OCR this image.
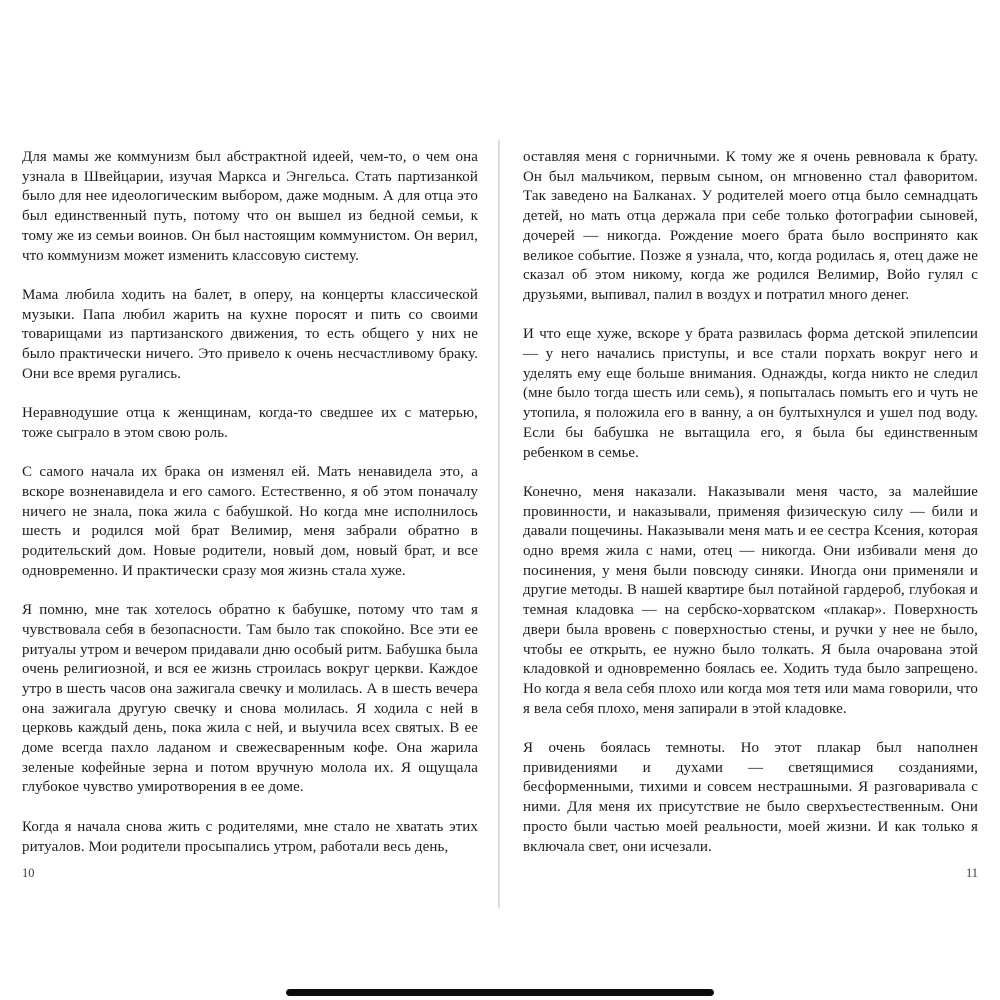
Для мамы же коммунизм был абстрактной идеей, чем-то, о чем она узнала в Швейцарии, изучая Маркса и Энгельса. Стать партизанкой было для нее идеологическим выбором, даже модным. А для отца это был единственный путь, потому что он вышел из бедной семьи, к тому же из семьи воинов. Он был настоящим коммунистом. Он верил, что коммунизм может изменить классовую систему.

Мама любила ходить на балет, в оперу, на концерты классической музыки. Папа любил жарить на кухне поросят и пить со своими товарищами из партизанского движения, то есть общего у них не было практически ничего. Это привело к очень несчастливому браку. Они все время ругались.

Неравнодушие отца к женщинам, когда-то сведшее их с матерью, тоже сыграло в этом свою роль.

С самого начала их брака он изменял ей. Мать ненавидела это, а вскоре возненавидела и его самого. Естественно, я об этом поначалу ничего не знала, пока жила с бабушкой. Но когда мне исполнилось шесть и родился мой брат Велимир, меня забрали обратно в родительский дом. Новые родители, новый дом, новый брат, и все одновременно. И практически сразу моя жизнь стала хуже.

Я помню, мне так хотелось обратно к бабушке, потому что там я чувствовала себя в безопасности. Там было так спокойно. Все эти ее ритуалы утром и вечером придавали дню особый ритм. Бабушка была очень религиозной, и вся ее жизнь строилась вокруг церкви. Каждое утро в шесть часов она зажигала свечку и молилась. А в шесть вечера она зажигала другую свечку и снова молилась. Я ходила с ней в церковь каждый день, пока жила с ней, и выучила всех святых. В ее доме всегда пахло ладаном и свежесваренным кофе. Она жарила зеленые кофейные зерна и потом вручную молола их. Я ощущала глубокое чувство умиротворения в ее доме.

Когда я начала снова жить с родителями, мне стало не хватать этих ритуалов. Мои родители просыпались утром, работали весь день,

10

оставляя меня с горничными. К тому же я очень ревновала к брату. Он был мальчиком, первым сыном, он мгновенно стал фаворитом. Так заведено на Балканах. У родителей моего отца было семнадцать детей, но мать отца держала при себе только фотографии сыновей, дочерей — никогда. Рождение моего брата было воспринято как великое событие. Позже я узнала, что, когда родилась я, отец даже не сказал об этом никому, когда же родился Велимир, Войо гулял с друзьями, выпивал, палил в воздух и потратил много денег.

И что еще хуже, вскоре у брата развилась форма детской эпилепсии — у него начались приступы, и все стали порхать вокруг него и уделять ему еще больше внимания. Однажды, когда никто не следил (мне было тогда шесть или семь), я попыталась помыть его и чуть не утопила, я положила его в ванну, а он бултыхнулся и ушел под воду. Если бы бабушка не вытащила его, я была бы единственным ребенком в семье.

Конечно, меня наказали. Наказывали меня часто, за малейшие провинности, и наказывали, применяя физическую силу — били и давали пощечины. Наказывали меня мать и ее сестра Ксения, которая одно время жила с нами, отец — никогда. Они избивали меня до посинения, у меня были повсюду синяки. Иногда они применяли и другие методы. В нашей квартире был потайной гардероб, глубокая и темная кладовка — на сербско-хорватском «плакар». Поверхность двери была вровень с поверхностью стены, и ручки у нее не было, чтобы ее открыть, ее нужно было толкать. Я была очарована этой кладовкой и одновременно боялась ее. Ходить туда было запрещено. Но когда я вела себя плохо или когда моя тетя или мама говорили, что я вела себя плохо, меня запирали в этой кладовке.

Я очень боялась темноты. Но этот плакар был наполнен привидениями и духами — светящимися созданиями, бесформенными, тихими и совсем нестрашными. Я разговаривала с ними. Для меня их присутствие не было сверхъестественным. Они просто были частью моей реальности, моей жизни. И как только я включала свет, они исчезали.

11
